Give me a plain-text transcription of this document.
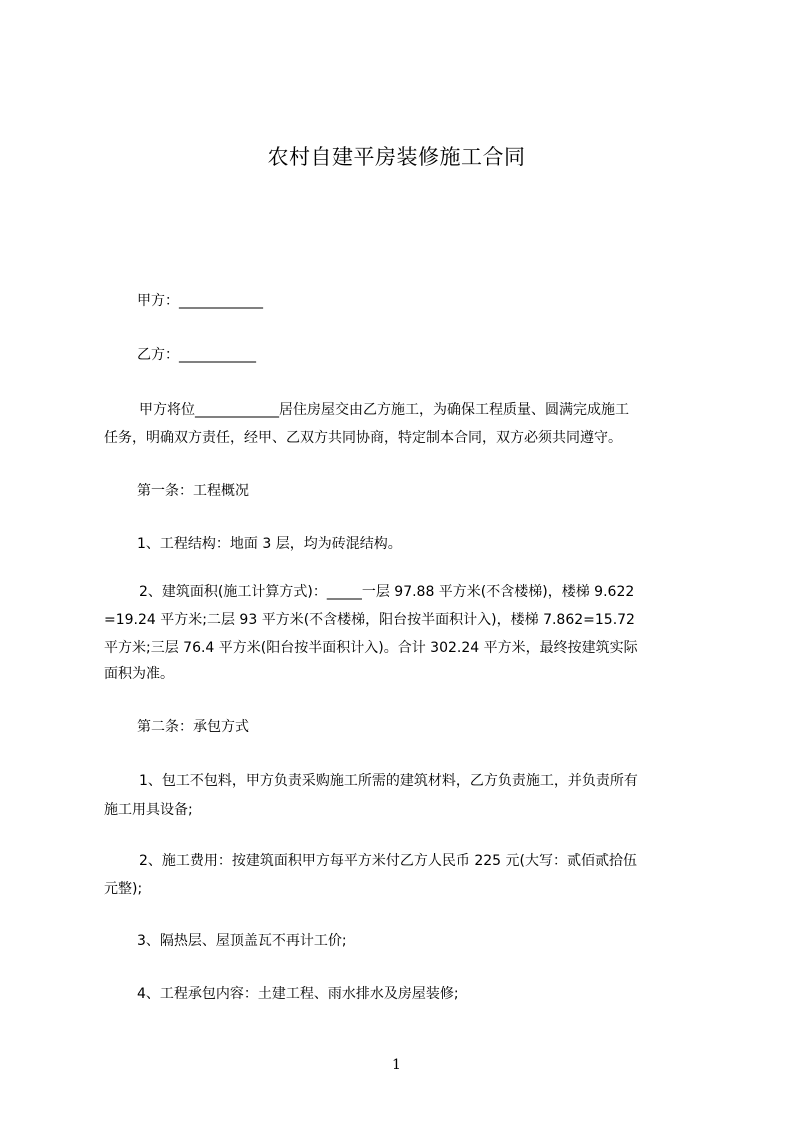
农村自建平房装修施工合同
甲方：____________
乙方：___________
甲方将位____________居住房屋交由乙方施工，为确保工程质量、圆满完成施工
任务，明确双方责任，经甲、乙双方共同协商，特定制本合同，双方必须共同遵守。
第一条：工程概况
1、工程结构：地面 3 层，均为砖混结构。
2、建筑面积(施工计算方式)：_____一层 97.88 平方米(不含楼梯)，楼梯 9.622
=19.24 平方米;二层 93 平方米(不含楼梯，阳台按半面积计入)，楼梯 7.862=15.72
平方米;三层 76.4 平方米(阳台按半面积计入)。合计 302.24 平方米，最终按建筑实际
面积为准。
第二条：承包方式
1、包工不包料，甲方负责采购施工所需的建筑材料，乙方负责施工，并负责所有
施工用具设备;
2、施工费用：按建筑面积甲方每平方米付乙方人民币 225 元(大写：贰佰贰拾伍
元整);
3、隔热层、屋顶盖瓦不再计工价;
4、工程承包内容：土建工程、雨水排水及房屋装修;
1
